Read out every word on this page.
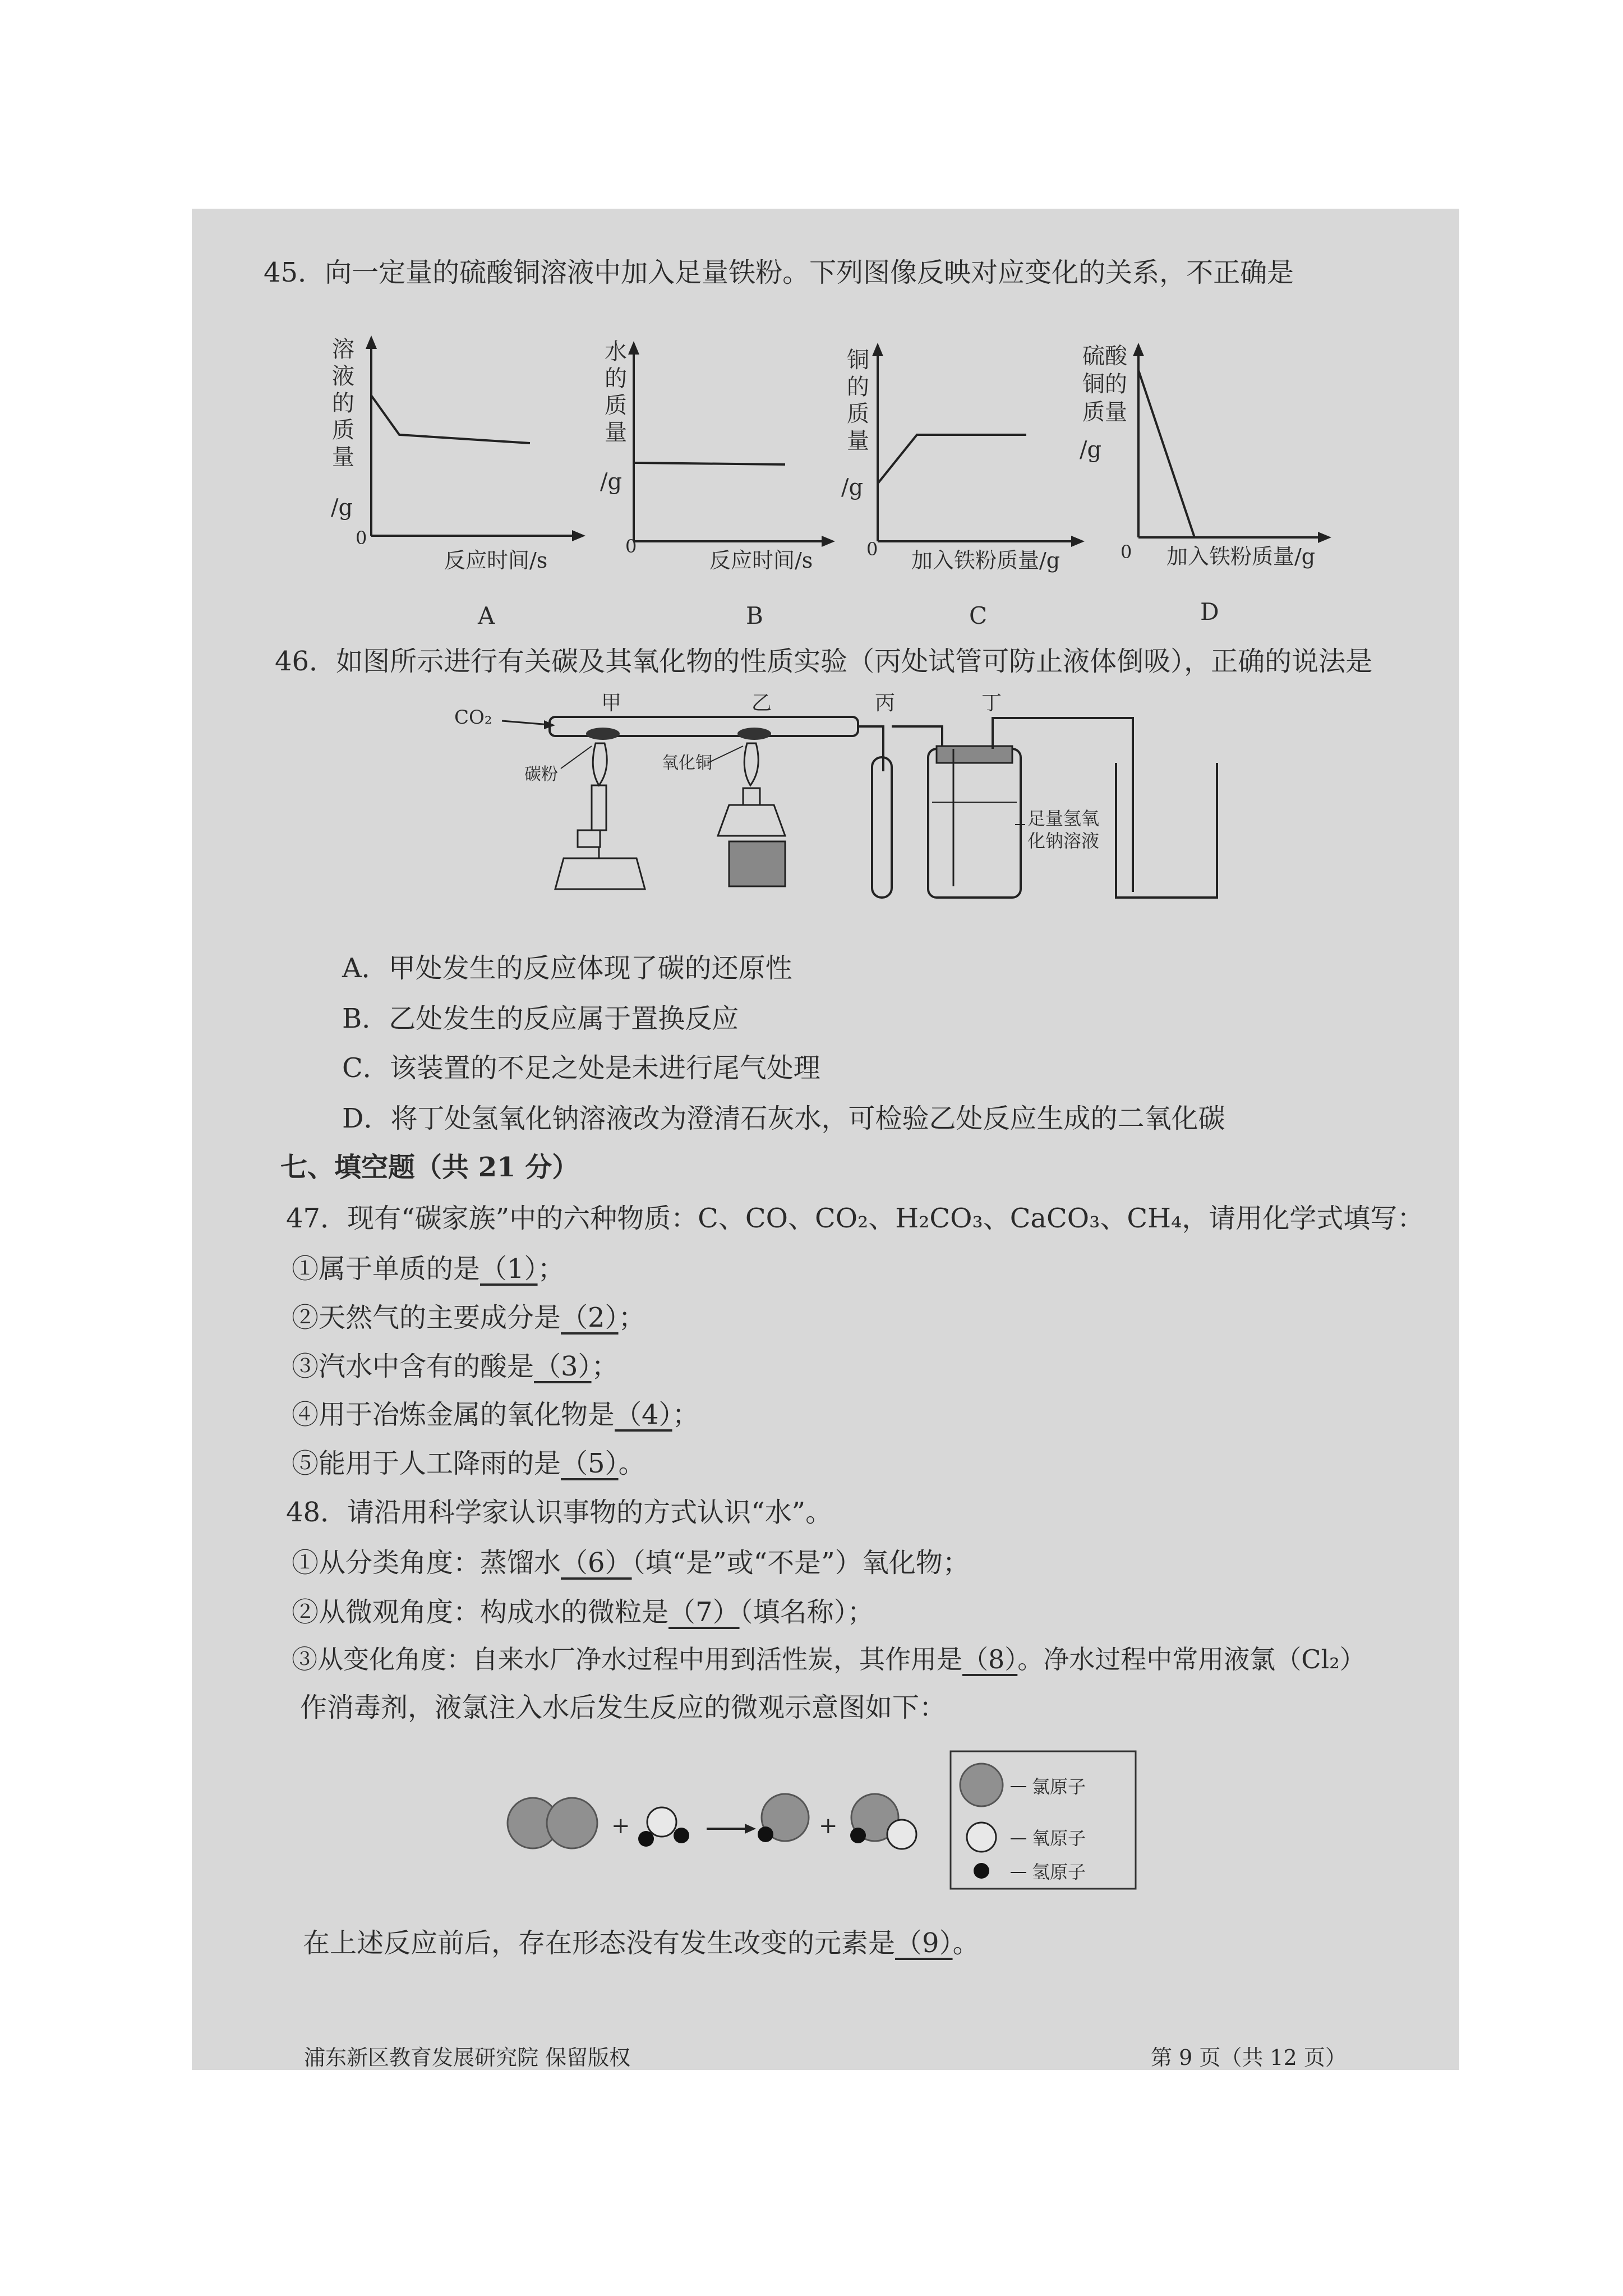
45．向一定量的硫酸铜溶液中加入足量铁粉。下列图像反映对应变化的关系，不正确是
溶
液
的
质
量
/g
0
反应时间/s
A
水
的
质
量
/g
0
反应时间/s
B
铜
的
质
量
/g
0 加入铁粉质量/g
C
硫酸
铜的
质量
/g
0 加入铁粉质量/g
D
46．如图所示进行有关碳及其氧化物的性质实验（丙处试管可防止液体倒吸），正确的说法是
CO₂
甲	乙	丙	丁
碳粉
氧化铜
足量氢氧
化钠溶液
A．甲处发生的反应体现了碳的还原性
B．乙处发生的反应属于置换反应
C．该装置的不足之处是未进行尾气处理
D．将丁处氢氧化钠溶液改为澄清石灰水，可检验乙处反应生成的二氧化碳
七、填空题（共 21 分）
47．现有“碳家族”中的六种物质：C、CO、CO₂、H₂CO₃、CaCO₃、CH₄，请用化学式填写：
①属于单质的是（1）；
②天然气的主要成分是（2）；
③汽水中含有的酸是（3）；
④用于冶炼金属的氧化物是（4）；
⑤能用于人工降雨的是（5）。
48．请沿用科学家认识事物的方式认识“水”。
①从分类角度：蒸馏水（6）（填“是”或“不是”）氧化物；
②从微观角度：构成水的微粒是（7）（填名称）；
③从变化角度：自来水厂净水过程中用到活性炭，其作用是（8）。净水过程中常用液氯（Cl₂）
作消毒剂，液氯注入水后发生反应的微观示意图如下：
+	+
氯原子
氧原子
氢原子
在上述反应前后，存在形态没有发生改变的元素是（9）。
浦东新区教育发展研究院 保留版权	第 9 页（共 12 页）
